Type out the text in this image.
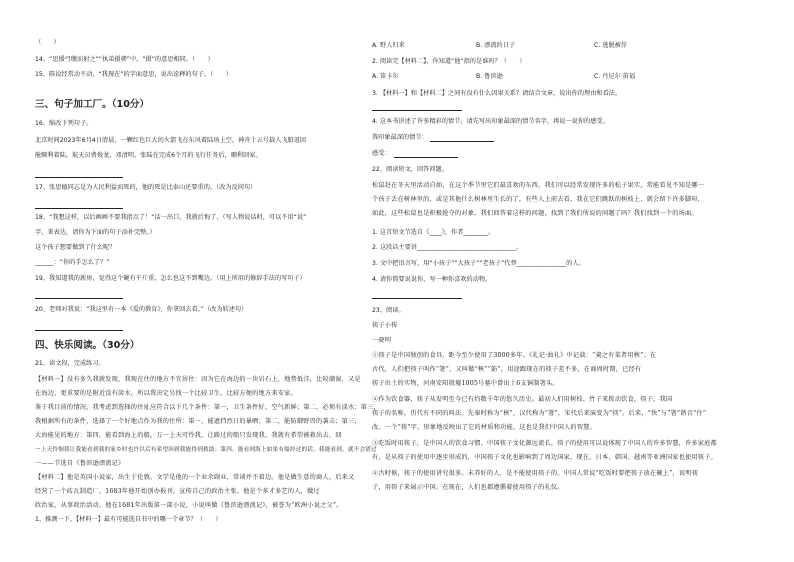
（　　）
14、“思援弓缴而射之”“执弟摄朝”中，“摄”的意思相同。（　　）
15、陈说经常动不动，“我现在”的字面意思，说出诠释的句子。（　　）
三、句子加工厂。（10分）
16、缩改下列句子。
北京时间2023年6月4日清晨，一颗红色巨大的火箭飞在东风着陆场上空，神舟十五号载人飞船返回
舱顺利着陆，航天员费俊龙、邓清明、张陆在完成6个月的飞行任务后，顺利回家。
17、张思德同志是为人民利益而死的，他的死是比泰山还要重的。（改为反问句）
18、“我想这样，以后画画不要我指点了！”话一出口，我就后悔了。（写人物说话时，可以不用“说”
字，来表达，请你为下面的句子添补完整。）
这个孩子想要做到了什么呢？
______：“你的手怎么了？”
19、我知道我的新房，觉得这个碗有千斤重，怎么也这不到嘴边。（用上所用的修辞手法的写句子）
20、老师对我说：“我这里有一本《爱的教育》，你拿回去看。”（改为转述句）
四、快乐阅读。（30分）
21、读文段，完成练习。
【材料一】没有多久我就发现，我现在住的地方不宜居住：因为它在海边的一块岩石上，地势低洼，比较潮湿，又是
在海边，更重要的是附近没有淡水，所以我决定另找一个比较卫生、比较方便的地方来安家。
鉴于我目前的情况，我考虑到选择的住址应符合以下几个条件：第一，卫生条件好，空气新鲜；第二，必须有淡水；第三，
我根据所有的条件，选择了一个好地点作为我的住所：第一，能遮挡烈日的暴晒；第二，能防御野兽的袭击；第三，
大海能见的地方：第四，能看到海上的船，万一上天可怜我，让路过的船只发现我，我就有希望被救出去，回
一上天怜悯我让我能看到我的家乡时也许以后有希望回到我能得到救助；第四，能看到海上如果有船经过的话，我能看到，就不会错过
一——节选自《鲁滨逊漂流记》
【材料二】他是英国小说家，出生于伦敦。文学是他的一个业余副业，常谈并不着边。他是做生意的商人，后来又
经营了一个砖瓦制造厂，1683年他开始创办报刊，宣传自己的政治主张。他是个多才多艺的人，做过
政治家，从事政治活动。他在1681年出版第一部小说，小说叫做《鲁滨逊漂流记》，被誉为“欧洲小说之父”。
1、推测一下，【材料一】最有可能选自书中的哪一个章节？（　　）
A. 野人归来	B. 漂流的日子	C. 逃脱被俘
2. 阅读完【材料二】，你知道“他”指的是谁吗？（　　）
A. 笛卡尔	B. 鲁滨逊	C. 丹尼尔·笛福
3. 【材料一】和【材料二】之间有没有什么因果关系？请结合文章，说出你的理由和看法。
4. 这本书讲述了许多精彩的情节，请先写出印象最深的情节名字，再说一说你的感受。
我印象最深的情节：
感受：
22、阅读短文，回答问题。
松鼠赶在冬天里活动自如，在这个季节里它们最喜欢的东西，我们可以经常发现许多的松子果实，常能看见不知是哪一
个孩子丢在树林里的，或是其他什么树林里生长的了，有些人上前去看，我在它们跳跃的树枝上，就会留下许多脚印，
如此，这些松鼠也是积极抢夺的对象。我们回答着这样的问题，找到了我们所说的问题了吗？我们找到一个的场面。
1. 这首短文节选自《____》，作者________。
2. 这段话主要讲________________________________。
3. 文中把语言写，用“小孩子”“大孩子”“老孩子”代替________________的人。
4. 请你简要说说你，写一种你喜欢的动物。
23、阅读。
筷子小传
一晓明
①筷子是中国独创的食具，距今至少使用了3000多年。《礼记·曲礼》中记载：“羹之有菜者用梜”；在
古代，人们把筷子叫作“箸”，又叫做“梜”“筯”，用途跟现在的筷子差不多，在商周时期，已经有
筷子出土的实物，河南安阳殷墟1005号墓中曾出土6支铜制箸头。
②作为饮食器，筷子从发明至今已有约数千年的悠久历史。最初人们用树枝、竹子来拨动饮食，筷子，我国
筷子的名称，历代有不同的叫法。先秦时称为“梜”，汉代称为“箸”，宋代后来演变为“筷”。后来，“快”与“箸”谐音“住”
改。一个“筷”字，形象地反映出了它的材质和功能，这也是我们中国人的智慧。
③吃饭时用筷子，是中国人的饮食习惯。中国筷子文化源远流长，筷子的使用可以说体现了中国人的许多智慧，许多家庭都
有，是从筷子的使用中逐步形成的，中国筷子文化也影响到了周边国家，现在，日本、韩国、越南等亚洲国家也使用筷子。
④古时候，筷子的使用讲究很多。未养好的人，是不能使用筷子的。中国人常说“吃饭时要把筷子放在碗上”，说明筷
子，用筷子来展示中国。在现在，人们也都遵循着使用筷子的礼仪。
